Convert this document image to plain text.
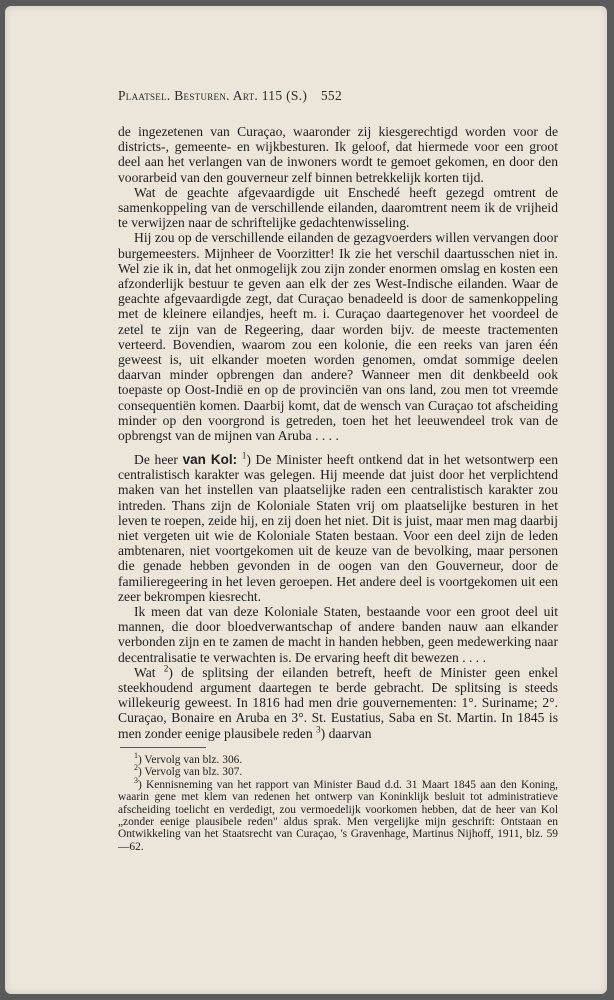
Plaatsel. Besturen. Art. 115 (S.) 552

de ingezetenen van Curaçao, waaronder zij kiesgerechtigd worden voor de districts-, gemeente- en wijkbesturen. Ik geloof, dat hiermede voor een groot deel aan het verlangen van de inwoners wordt te gemoet gekomen, en door den voorarbeid van den gouverneur zelf binnen betrekkelijk korten tijd.

Wat de geachte afgevaardigde uit Enschedé heeft gezegd omtrent de samenkoppeling van de verschillende eilanden, daaromtrent neem ik de vrijheid te verwijzen naar de schriftelijke gedachtenwisseling.

Hij zou op de verschillende eilanden de gezagvoerders willen vervangen door burgemeesters. Mijnheer de Voorzitter! Ik zie het verschil daartusschen niet in. Wel zie ik in, dat het onmogelijk zou zijn zonder enormen omslag en kosten een afzonderlijk bestuur te geven aan elk der zes West-Indische eilanden. Waar de geachte afgevaardigde zegt, dat Curaçao benadeeld is door de samenkoppeling met de kleinere eilandjes, heeft m. i. Curaçao daartegenover het voordeel de zetel te zijn van de Regeering, daar worden bijv. de meeste tractementen verteerd. Bovendien, waarom zou een kolonie, die een reeks van jaren één geweest is, uit elkander moeten worden genomen, omdat sommige deelen daarvan minder opbrengen dan andere? Wanneer men dit denkbeeld ook toepaste op Oost-Indië en op de provinciën van ons land, zou men tot vreemde consequentiën komen. Daarbij komt, dat de wensch van Curaçao tot afscheiding minder op den voorgrond is getreden, toen het het leeuwendeel trok van de opbrengst van de mijnen van Aruba . . . .

De heer van Kol: $^1$) De Minister heeft ontkend dat in het wetsontwerp een centralistisch karakter was gelegen. Hij meende dat juist door het verplichtend maken van het instellen van plaatselijke raden een centralistisch karakter zou intreden. Thans zijn de Koloniale Staten vrij om plaatselijke besturen in het leven te roepen, zeide hij, en zij doen het niet. Dit is juist, maar men mag daarbij niet vergeten uit wie de Koloniale Staten bestaan. Voor een deel zijn de leden ambtenaren, niet voortgekomen uit de keuze van de bevolking, maar personen die genade hebben gevonden in de oogen van den Gouverneur, door de familieregeering in het leven geroepen. Het andere deel is voortgekomen uit een zeer bekrompen kiesrecht.

Ik meen dat van deze Koloniale Staten, bestaande voor een groot deel uit mannen, die door bloedverwantschap of andere banden nauw aan elkander verbonden zijn en te zamen de macht in handen hebben, geen medewerking naar decentralisatie te verwachten is. De ervaring heeft dit bewezen . . . .

Wat $^2$) de splitsing der eilanden betreft, heeft de Minister geen enkel steekhoudend argument daartegen te berde gebracht. De splitsing is steeds willekeurig geweest. In 1816 had men drie gouvernementen: 1°. Suriname; 2°. Curaçao, Bonaire en Aruba en 3°. St. Eustatius, Saba en St. Martin. In 1845 is men zonder eenige plausibele reden $^3$) daarvan

$^1$) Vervolg van blz. 306.

$^2$) Vervolg van blz. 307.

$^3$) Kennisneming van het rapport van Minister Baud d.d. 31 Maart 1845 aan den Koning, waarin gene met klem van redenen het ontwerp van Koninklijk besluit tot administratieve afscheiding toelicht en verdedigt, zou vermoedelijk voorkomen hebben, dat de heer van Kol „zonder eenige plausibele reden" aldus sprak. Men vergelijke mijn geschrift: Ontstaan en Ontwikkeling van het Staatsrecht van Curaçao, 's Gravenhage, Martinus Nijhoff, 1911, blz. 59—62.
